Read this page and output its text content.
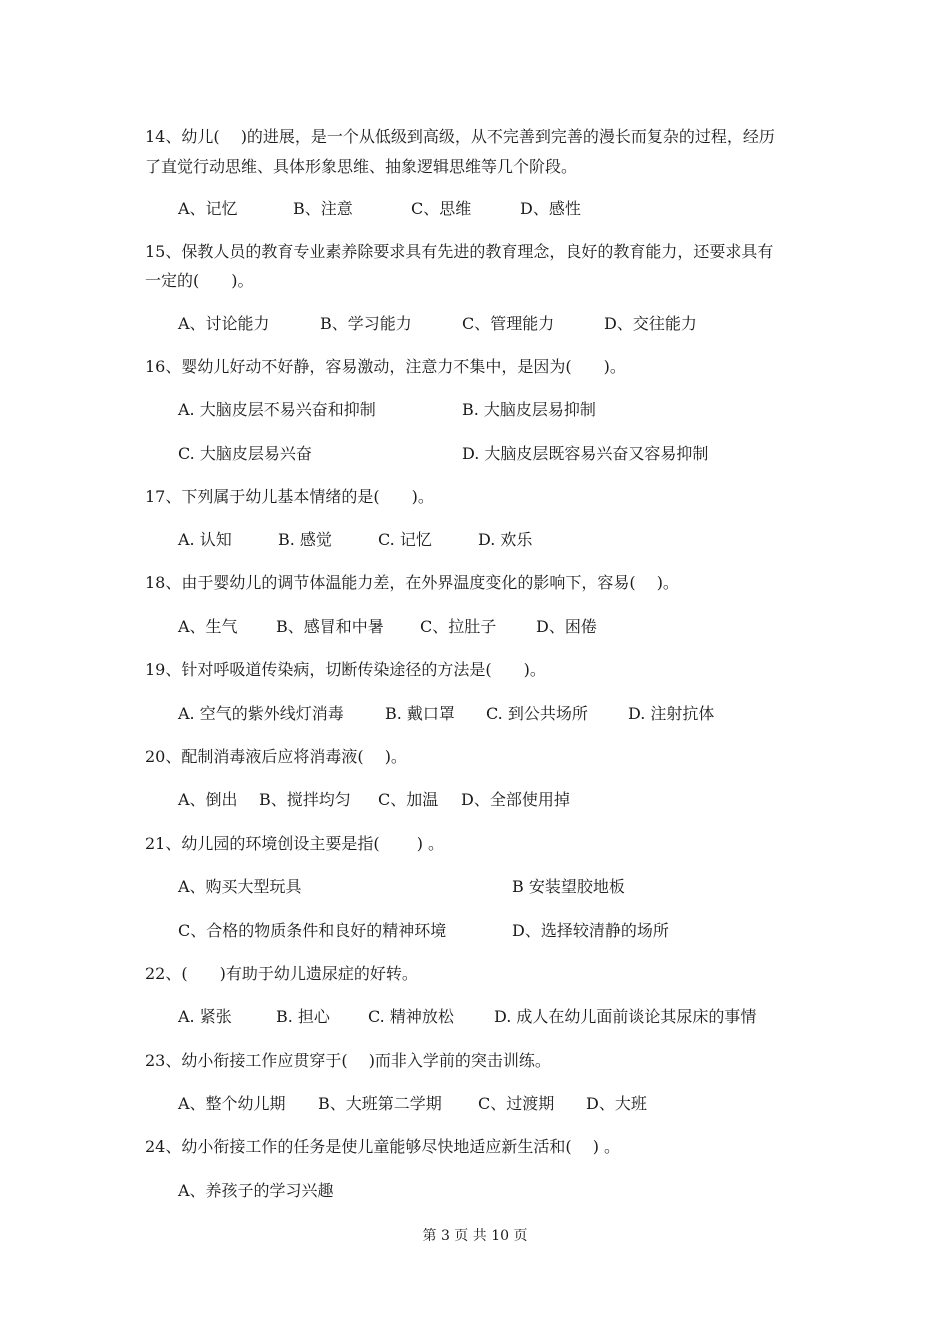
14、幼儿(　 )的进展，是一个从低级到高级，从不完善到完善的漫长而复杂的过程，经历
了直觉行动思维、具体形象思维、抽象逻辑思维等几个阶段。
A、记忆	B、注意	C、思维	D、感性
15、保教人员的教育专业素养除要求具有先进的教育理念，良好的教育能力，还要求具有
一定的(　　)。
A、讨论能力	B、学习能力	C、管理能力	D、交往能力
16、婴幼儿好动不好静，容易激动，注意力不集中，是因为(　　)。
A. 大脑皮层不易兴奋和抑制	B. 大脑皮层易抑制
C. 大脑皮层易兴奋	D. 大脑皮层既容易兴奋又容易抑制
17、下列属于幼儿基本情绪的是(　　)。
A. 认知	B. 感觉	C. 记忆	D. 欢乐
18、由于婴幼儿的调节体温能力差，在外界温度变化的影响下，容易(　 )。
A、生气 B、感冒和中暑 C、拉肚子 D、困倦
19、针对呼吸道传染病，切断传染途径的方法是(　　)。
A. 空气的紫外线灯消毒	B. 戴口罩 C. 到公共场所	D. 注射抗体
20、配制消毒液后应将消毒液(　 )。
A、倒出 B、搅拌均匀 C、加温 D、全部使用掉
21、幼儿园的环境创设主要是指(　　 ) 。
A、购买大型玩具	B 安装望胶地板
C、合格的物质条件和良好的精神环境	D、选择较清静的场所
22、(　　)有助于幼儿遗尿症的好转。
A. 紧张	B. 担心 C. 精神放松	D. 成人在幼儿面前谈论其尿床的事情
23、幼小衔接工作应贯穿于(　 )而非入学前的突击训练。
A、整个幼儿期 B、大班第二学期 C、过渡期 D、大班
24、幼小衔接工作的任务是使儿童能够尽快地适应新生活和(　 ) 。
A、养孩子的学习兴趣
第 3 页 共 10 页
